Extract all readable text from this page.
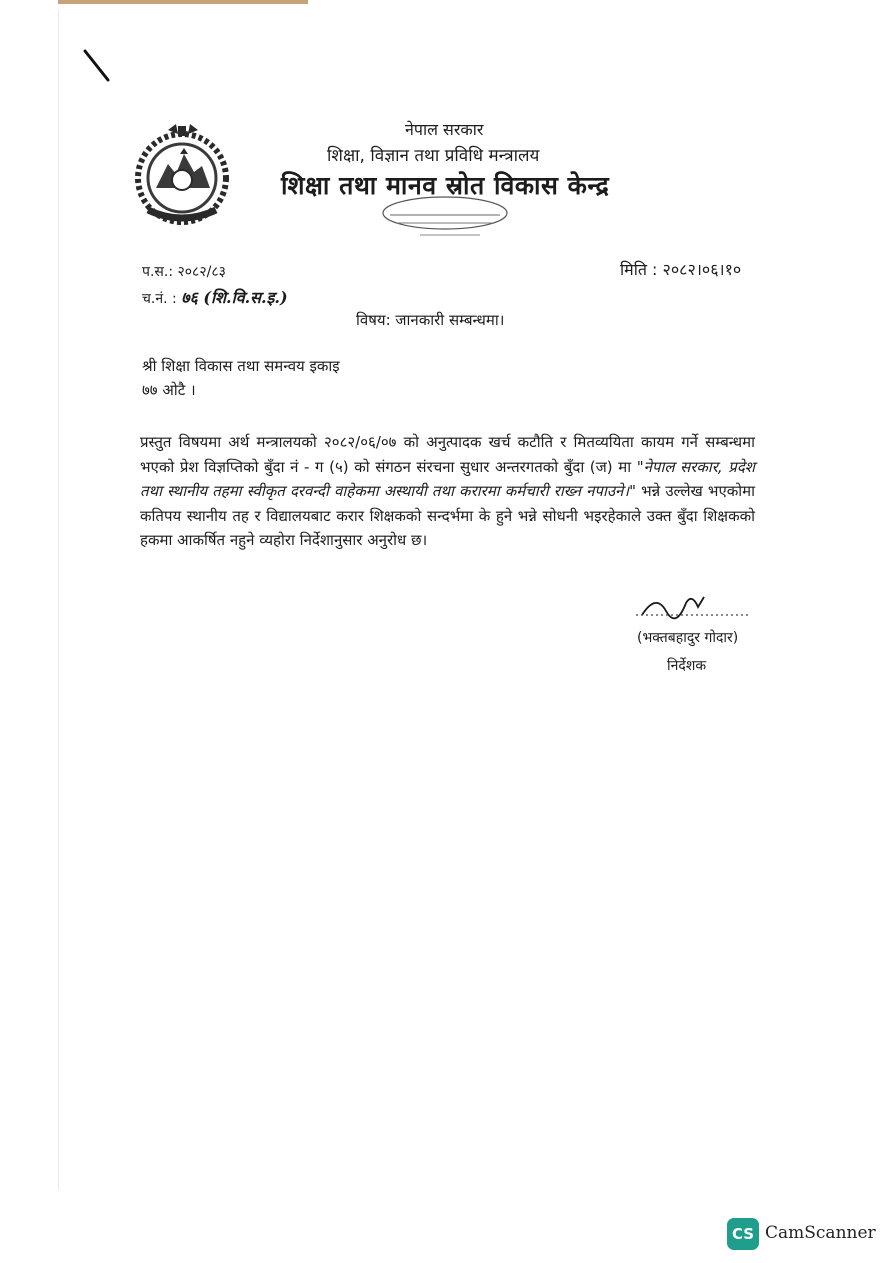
नेपाल सरकार
शिक्षा, विज्ञान तथा प्रविधि मन्त्रालय
शिक्षा तथा मानव स्रोत विकास केन्द्र
मिति : २०८२।०६।१०
प.स.: २०८२/८३
च.नं. : ७६ (शि.वि.स.इ.)
विषय: जानकारी सम्बन्धमा।
श्री शिक्षा विकास तथा समन्वय इकाइ
७७ ओटै ।
प्रस्तुत विषयमा अर्थ मन्त्रालयको २०८२/०६/०७ को अनुत्पादक खर्च कटौति र मितव्ययिता कायम गर्ने सम्बन्धमा भएको प्रेश विज्ञप्तिको बुँदा नं - ग (५) को संगठन संरचना सुधार अन्तरगतको बुँदा (ज) मा "नेपाल सरकार, प्रदेश तथा स्थानीय तहमा स्वीकृत दरवन्दी वाहेकमा अस्थायी तथा करारमा कर्मचारी राख्न नपाउने।" भन्ने उल्लेख भएकोमा कतिपय स्थानीय तह र विद्यालयबाट करार शिक्षकको सन्दर्भमा के हुने भन्ने सोधनी भइरहेकाले उक्त बुँदा शिक्षकको हकमा आकर्षित नहुने व्यहोरा निर्देशानुसार अनुरोध छ।
(भक्तबहादुर गोदार)
निर्देशक
CS CamScanner
